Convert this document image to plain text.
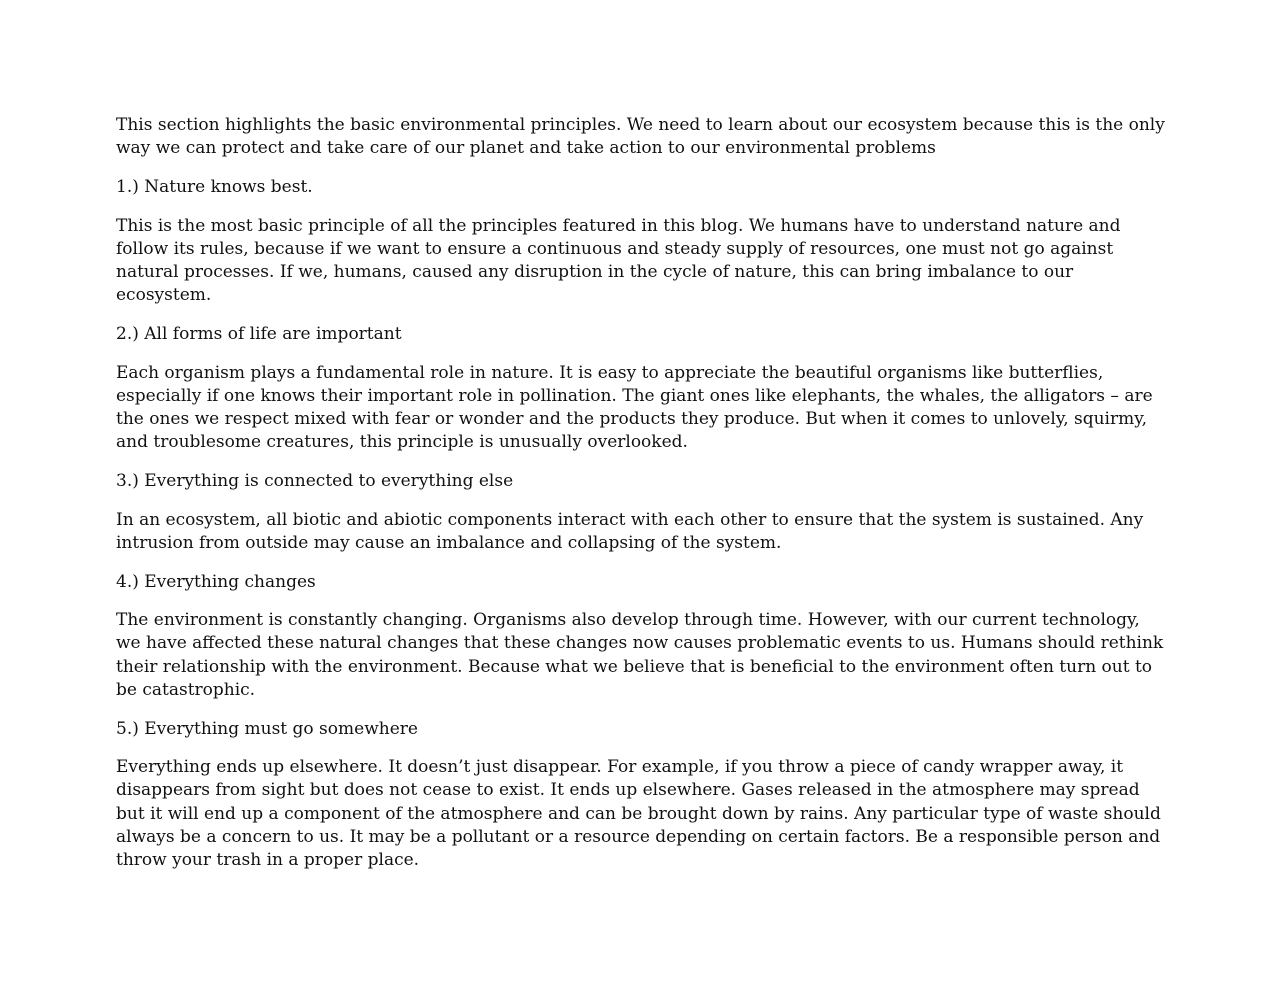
This section highlights the basic environmental principles. We need to learn about our ecosystem because this is the only way we can protect and take care of our planet and take action to our environmental problems

1.) Nature knows best.

This is the most basic principle of all the principles featured in this blog. We humans have to understand nature and follow its rules, because if we want to ensure a continuous and steady supply of resources, one must not go against natural processes. If we, humans, caused any disruption in the cycle of nature, this can bring imbalance to our ecosystem.

2.) All forms of life are important

Each organism plays a fundamental role in nature. It is easy to appreciate the beautiful organisms like butterflies, especially if one knows their important role in pollination. The giant ones like elephants, the whales, the alligators – are the ones we respect mixed with fear or wonder and the products they produce. But when it comes to unlovely, squirmy, and troublesome creatures, this principle is unusually overlooked.

3.) Everything is connected to everything else

In an ecosystem, all biotic and abiotic components interact with each other to ensure that the system is sustained. Any intrusion from outside may cause an imbalance and collapsing of the system.

4.) Everything changes

The environment is constantly changing. Organisms also develop through time. However, with our current technology, we have affected these natural changes that these changes now causes problematic events to us. Humans should rethink their relationship with the environment. Because what we believe that is beneficial to the environment often turn out to be catastrophic.

5.) Everything must go somewhere

Everything ends up elsewhere. It doesn’t just disappear. For example, if you throw a piece of candy wrapper away, it disappears from sight but does not cease to exist. It ends up elsewhere. Gases released in the atmosphere may spread but it will end up a component of the atmosphere and can be brought down by rains. Any particular type of waste should always be a concern to us. It may be a pollutant or a resource depending on certain factors. Be a responsible person and throw your trash in a proper place.
